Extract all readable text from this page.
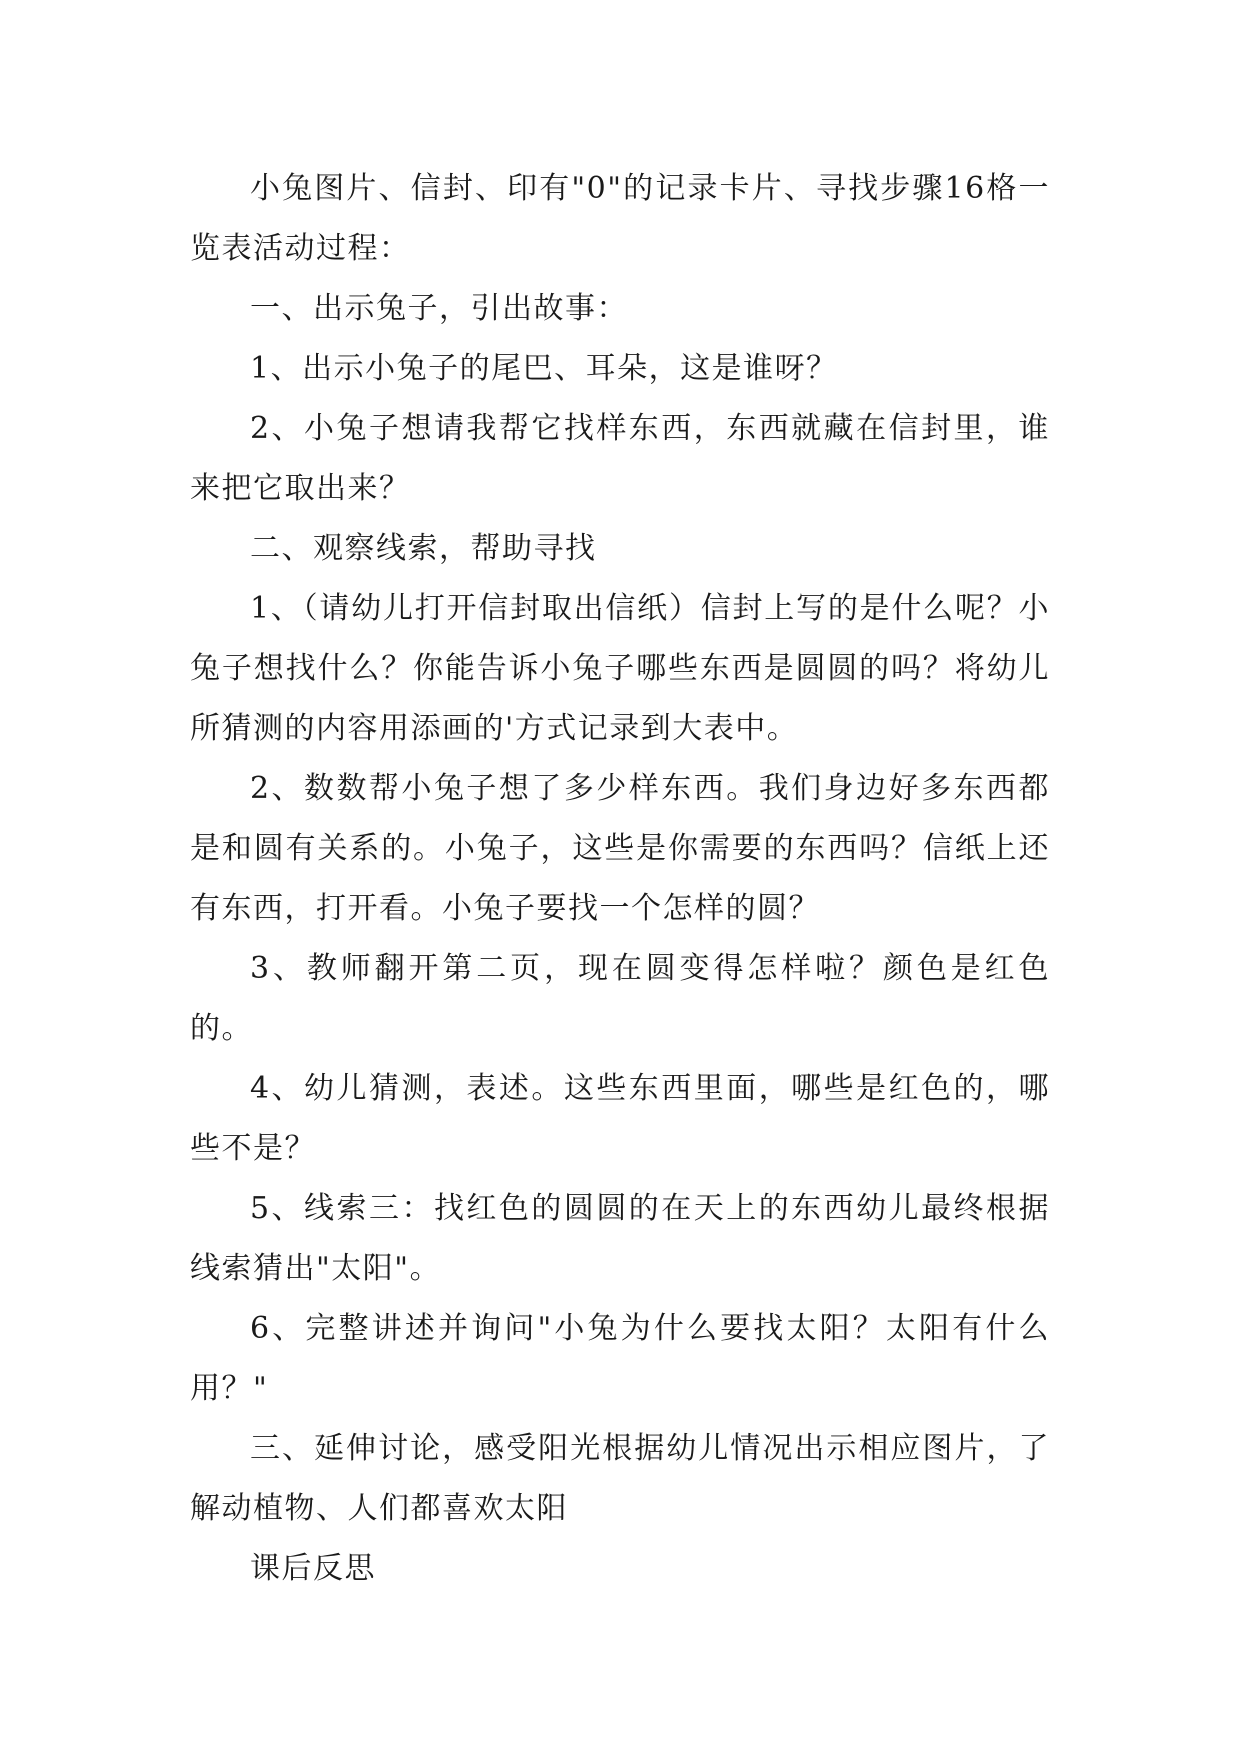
小兔图片、信封、印有"0"的记录卡片、寻找步骤16格一览表活动过程：

一、出示兔子，引出故事：

1、出示小兔子的尾巴、耳朵，这是谁呀？

2、小兔子想请我帮它找样东西，东西就藏在信封里，谁来把它取出来？

二、观察线索，帮助寻找

1、（请幼儿打开信封取出信纸）信封上写的是什么呢？小兔子想找什么？你能告诉小兔子哪些东西是圆圆的吗？将幼儿所猜测的内容用添画的'方式记录到大表中。

2、数数帮小兔子想了多少样东西。我们身边好多东西都是和圆有关系的。小兔子，这些是你需要的东西吗？信纸上还有东西，打开看。小兔子要找一个怎样的圆？

3、教师翻开第二页，现在圆变得怎样啦？颜色是红色的。

4、幼儿猜测，表述。这些东西里面，哪些是红色的，哪些不是？

5、线索三：找红色的圆圆的在天上的东西幼儿最终根据线索猜出"太阳"。

6、完整讲述并询问"小兔为什么要找太阳？太阳有什么用？"

三、延伸讨论，感受阳光根据幼儿情况出示相应图片，了解动植物、人们都喜欢太阳

课后反思
